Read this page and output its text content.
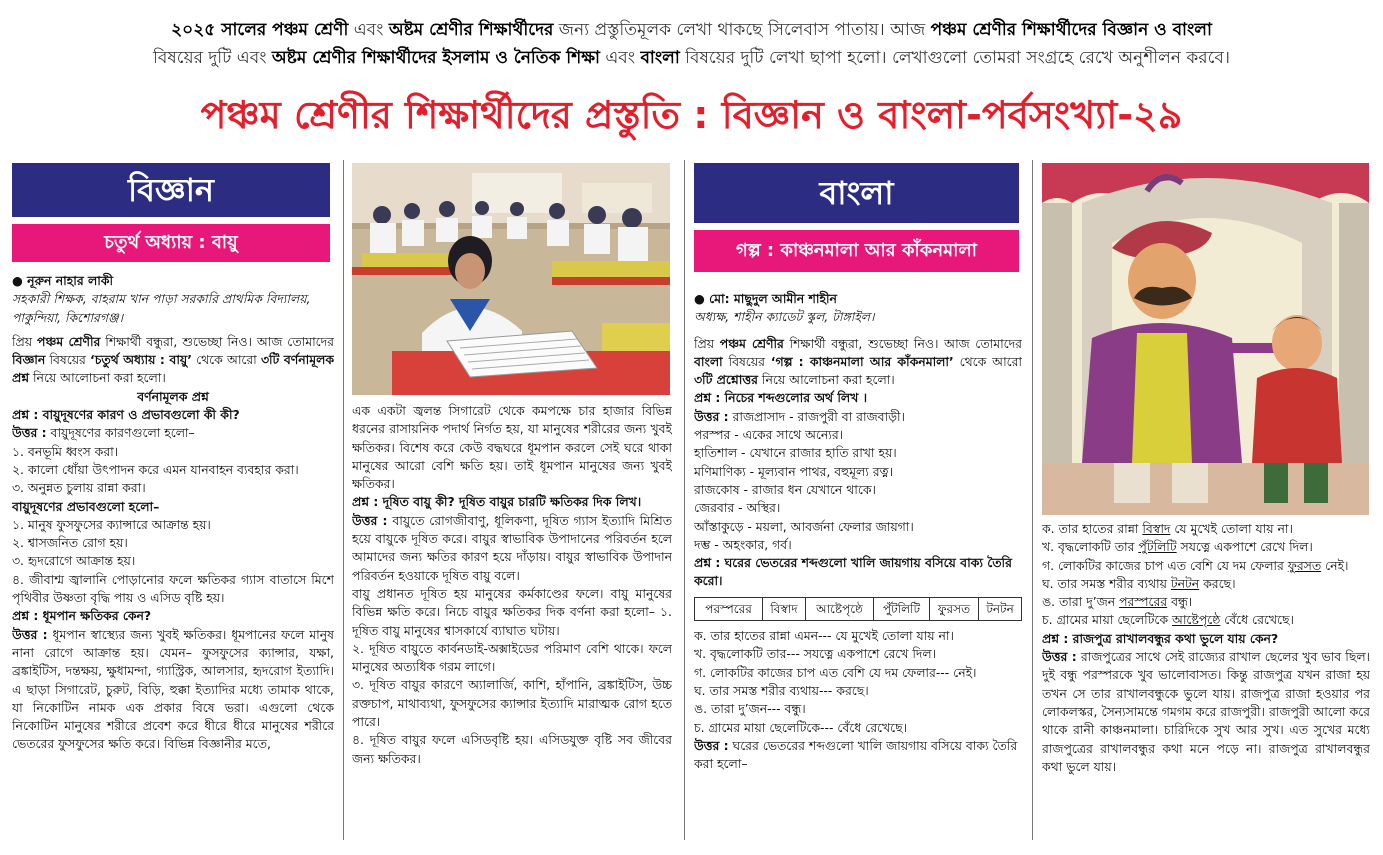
২০২৫ সালের পঞ্চম শ্রেণী এবং অষ্টম শ্রেণীর শিক্ষার্থীদের জন্য প্রস্তুতিমূলক লেখা থাকছে সিলেবাস পাতায়। আজ পঞ্চম শ্রেণীর শিক্ষার্থীদের বিজ্ঞান ও বাংলা
বিষয়ের দুটি এবং অষ্টম শ্রেণীর শিক্ষার্থীদের ইসলাম ও নৈতিক শিক্ষা এবং বাংলা বিষয়ের দুটি লেখা ছাপা হলো। লেখাগুলো তোমরা সংগ্রহে রেখে অনুশীলন করবে।
পঞ্চম শ্রেণীর শিক্ষার্থীদের প্রস্তুতি : বিজ্ঞান ও বাংলা-পর্বসংখ্যা-২৯
বিজ্ঞান
চতুর্থ অধ্যায় : বায়ু

● নূরুন নাহার লাকী

সহকারী শিক্ষক, বাহরাম খান পাড়া সরকারি প্রাথমিক বিদ্যালয়, পাকুন্দিয়া, কিশোরগঞ্জ।

প্রিয় পঞ্চম শ্রেণীর শিক্ষার্থী বন্ধুরা, শুভেচ্ছা নিও। আজ তোমাদের বিজ্ঞান বিষয়ের ‘চতুর্থ অধ্যায় : বায়ু’ থেকে আরো ৩টি বর্ণনামূলক প্রশ্ন নিয়ে আলোচনা করা হলো।

বর্ণনামূলক প্রশ্ন

প্রশ্ন : বায়ুদূষণের কারণ ও প্রভাবগুলো কী কী?

উত্তর : বায়ুদূষণের কারণগুলো হলো–

১. বনভূমি ধ্বংস করা।

২. কালো ধোঁয়া উৎপাদন করে এমন যানবাহন ব্যবহার করা।

৩. অনুন্নত চুলায় রান্না করা।

বায়ুদূষণের প্রভাবগুলো হলো–

১. মানুষ ফুসফুসের ক্যান্সারে আক্রান্ত হয়।

২. শ্বাসজনিত রোগ হয়।

৩. হৃদরোগে আক্রান্ত হয়।

৪. জীবাশ্ম জ্বালানি পোড়ানোর ফলে ক্ষতিকর গ্যাস বাতাসে মিশে পৃথিবীর উষ্ণতা বৃদ্ধি পায় ও এসিড বৃষ্টি হয়।

প্রশ্ন : ধূমপান ক্ষতিকর কেন?

উত্তর : ধূমপান স্বাস্থ্যের জন্য খুবই ক্ষতিকর। ধূমপানের ফলে মানুষ নানা রোগে আক্রান্ত হয়। যেমন– ফুসফুসের ক্যান্সার, যক্ষা, ব্রঙ্কাইটিস, দন্তক্ষয়, ক্ষুধামন্দা, গ্যাস্ট্রিক, আলসার, হৃদরোগ ইত্যাদি। এ ছাড়া সিগারেট, চুরুট, বিড়ি, হুক্কা ইত্যাদির মধ্যে তামাক থাকে, যা নিকোটিন নামক এক প্রকার বিষে ভরা। এগুলো থেকে নিকোটিন মানুষের শরীরে প্রবেশ করে ধীরে ধীরে মানুষের শরীরে ভেতরের ফুসফুসের ক্ষতি করে। বিভিন্ন বিজ্ঞানীর মতে,

এক একটা জ্বলন্ত সিগারেট থেকে কমপক্ষে চার হাজার বিভিন্ন ধরনের রাসায়নিক পদার্থ নির্গত হয়, যা মানুষের শরীরের জন্য খুবই ক্ষতিকর। বিশেষ করে কেউ বদ্ধঘরে ধূমপান করলে সেই ঘরে থাকা মানুষের আরো বেশি ক্ষতি হয়। তাই ধূমপান মানুষের জন্য খুবই ক্ষতিকর।

প্রশ্ন : দূষিত বায়ু কী? দূষিত বায়ুর চারটি ক্ষতিকর দিক লিখ।

উত্তর : বায়ুতে রোগজীবাণু, ধূলিকণা, দূষিত গ্যাস ইত্যাদি মিশ্রিত হয়ে বায়ুকে দূষিত করে। বায়ুর স্বাভাবিক উপাদানের পরিবর্তন হলে আমাদের জন্য ক্ষতির কারণ হয়ে দাঁড়ায়। বায়ুর স্বাভাবিক উপাদান পরিবর্তন হওয়াকে দূষিত বায়ু বলে।

বায়ু প্রধানত দূষিত হয় মানুষের কর্মকাণ্ডের ফলে। বায়ু মানুষের বিভিন্ন ক্ষতি করে। নিচে বায়ুর ক্ষতিকর দিক বর্ণনা করা হলো– ১. দূষিত বায়ু মানুষের শ্বাসকার্যে ব্যাঘাত ঘটায়।

২. দূষিত বায়ুতে কার্বনডাই-অক্সাইডের পরিমাণ বেশি থাকে। ফলে মানুষের অত্যধিক গরম লাগে।

৩. দূষিত বায়ুর কারণে অ্যালার্জি, কাশি, হাঁপানি, ব্রঙ্কাইটিস, উচ্চ রক্তচাপ, মাথাব্যথা, ফুসফুসের ক্যান্সার ইত্যাদি মারাত্মক রোগ হতে পারে।

৪. দূষিত বায়ুর ফলে এসিডবৃষ্টি হয়। এসিডযুক্ত বৃষ্টি সব জীবের জন্য ক্ষতিকর।

বাংলা
গল্প : কাঞ্চনমালা আর কাঁকনমালা

● মো: মাছুদুল আমীন শাহীন

অধ্যক্ষ, শাহীন ক্যাডেট স্কুল, টাঙ্গাইল।

প্রিয় পঞ্চম শ্রেণীর শিক্ষার্থী বন্ধুরা, শুভেচ্ছা নিও। আজ তোমাদের বাংলা বিষয়ের ‘গল্প : কাঞ্চনমালা আর কাঁকনমালা’ থেকে আরো ৩টি প্রশ্নোত্তর নিয়ে আলোচনা করা হলো।

প্রশ্ন : নিচের শব্দগুলোর অর্থ লিখ ।

উত্তর : রাজপ্রাসাদ - রাজপুরী বা রাজবাড়ী।

পরস্পর - একের সাথে অন্যের।

হাতিশাল - যেখানে রাজার হাতি রাখা হয়।

মণিমাণিক্য - মূল্যবান পাথর, বহুমূল্য রত্ন।

রাজকোষ - রাজার ধন যেখানে থাকে।

জেরবার - অস্থির।

আঁস্তাকুড়ে - ময়লা, আবর্জনা ফেলার জায়গা।

দম্ভ - অহংকার, গর্ব।

প্রশ্ন : ঘরের ভেতরের শব্দগুলো খালি জায়গায় বসিয়ে বাক্য তৈরি করো।

পরস্পরের	বিস্বাদ	আষ্টেপৃষ্ঠে	পুঁটলিটি	ফুরসত	টনটন

ক. তার হাতের রান্না এমন--- যে মুখেই তোলা যায় না।

খ. বৃদ্ধলোকটি তার--- সযত্নে একপাশে রেখে দিল।

গ. লোকটির কাজের চাপ এত বেশি যে দম ফেলার--- নেই।

ঘ. তার সমস্ত শরীর ব্যথায়--- করছে।

ঙ. তারা দু’জন--- বন্ধু।

চ. গ্রামের মায়া ছেলেটিকে--- বেঁধে রেখেছে।

উত্তর : ঘরের ভেতরের শব্দগুলো খালি জায়গায় বসিয়ে বাক্য তৈরি করা হলো–

ক. তার হাতের রান্না বিস্বাদ যে মুখেই তোলা যায় না।

খ. বৃদ্ধলোকটি তার পুঁটলিটি সযত্নে একপাশে রেখে দিল।

গ. লোকটির কাজের চাপ এত বেশি যে দম ফেলার ফুরসত নেই।

ঘ. তার সমস্ত শরীর ব্যথায় টনটন করছে।

ঙ. তারা দু’জন পরস্পরের বন্ধু।

চ. গ্রামের মায়া ছেলেটিকে আষ্টেপৃষ্ঠে বেঁধে রেখেছে।

প্রশ্ন : রাজপুত্র রাখালবন্ধুর কথা ভুলে যায় কেন?

উত্তর : রাজপুত্রের সাথে সেই রাজ্যের রাখাল ছেলের খুব ভাব ছিল। দুই বন্ধু পরস্পরকে খুব ভালোবাসত। কিন্তু রাজপুত্র যখন রাজা হয় তখন সে তার রাখালবন্ধুকে ভুলে যায়। রাজপুত্র রাজা হওয়ার পর লোকলস্কর, সৈন্যসামন্তে গমগম করে রাজপুরী। রাজপুরী আলো করে থাকে রানী কাঞ্চনমালা। চারিদিকে সুখ আর সুখ। এত সুখের মধ্যে রাজপুত্রের রাখালবন্ধুর কথা মনে পড়ে না। রাজপুত্র রাখালবন্ধুর কথা ভুলে যায়।
